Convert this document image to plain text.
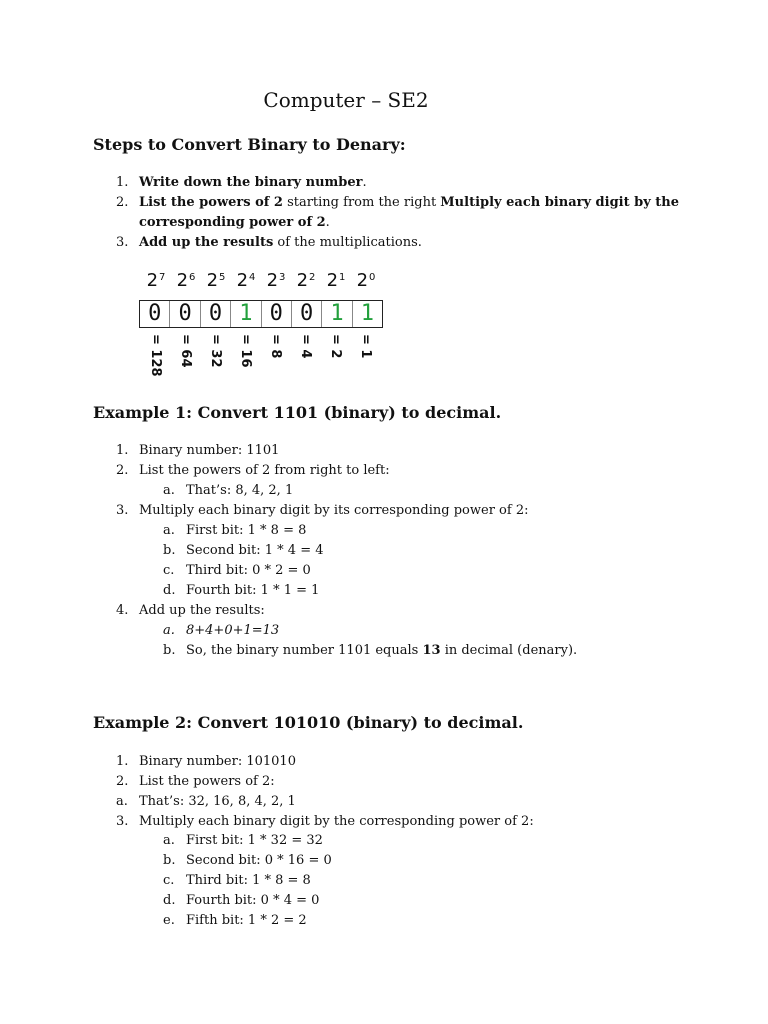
Computer – SE2
Steps to Convert Binary to Denary:
1. Write down the binary number.
2. List the powers of 2 starting from the right Multiply each binary digit by the
corresponding power of 2.
3. Add up the results of the multiplications.
$2^7$ $2^6$ $2^5$ $2^4$ $2^3$ $2^2$ $2^1$ $2^0$
0 0 0 1 0 0 1 1
= 128 = 64 = 32 = 16 = 8 = 4 = 2 = 1
Example 1: Convert 1101 (binary) to decimal.
1. Binary number: 1101
2. List the powers of 2 from right to left:
a. That’s: 8, 4, 2, 1
3. Multiply each binary digit by its corresponding power of 2:
a. First bit: 1 * 8 = 8
b. Second bit: 1 * 4 = 4
c. Third bit: 0 * 2 = 0
d. Fourth bit: 1 * 1 = 1
4. Add up the results:
a. 8+4+0+1=13
b. So, the binary number 1101 equals 13 in decimal (denary).
Example 2: Convert 101010 (binary) to decimal.
1. Binary number: 101010
2. List the powers of 2:
a. That’s: 32, 16, 8, 4, 2, 1
3. Multiply each binary digit by the corresponding power of 2:
a. First bit: 1 * 32 = 32
b. Second bit: 0 * 16 = 0
c. Third bit: 1 * 8 = 8
d. Fourth bit: 0 * 4 = 0
e. Fifth bit: 1 * 2 = 2
